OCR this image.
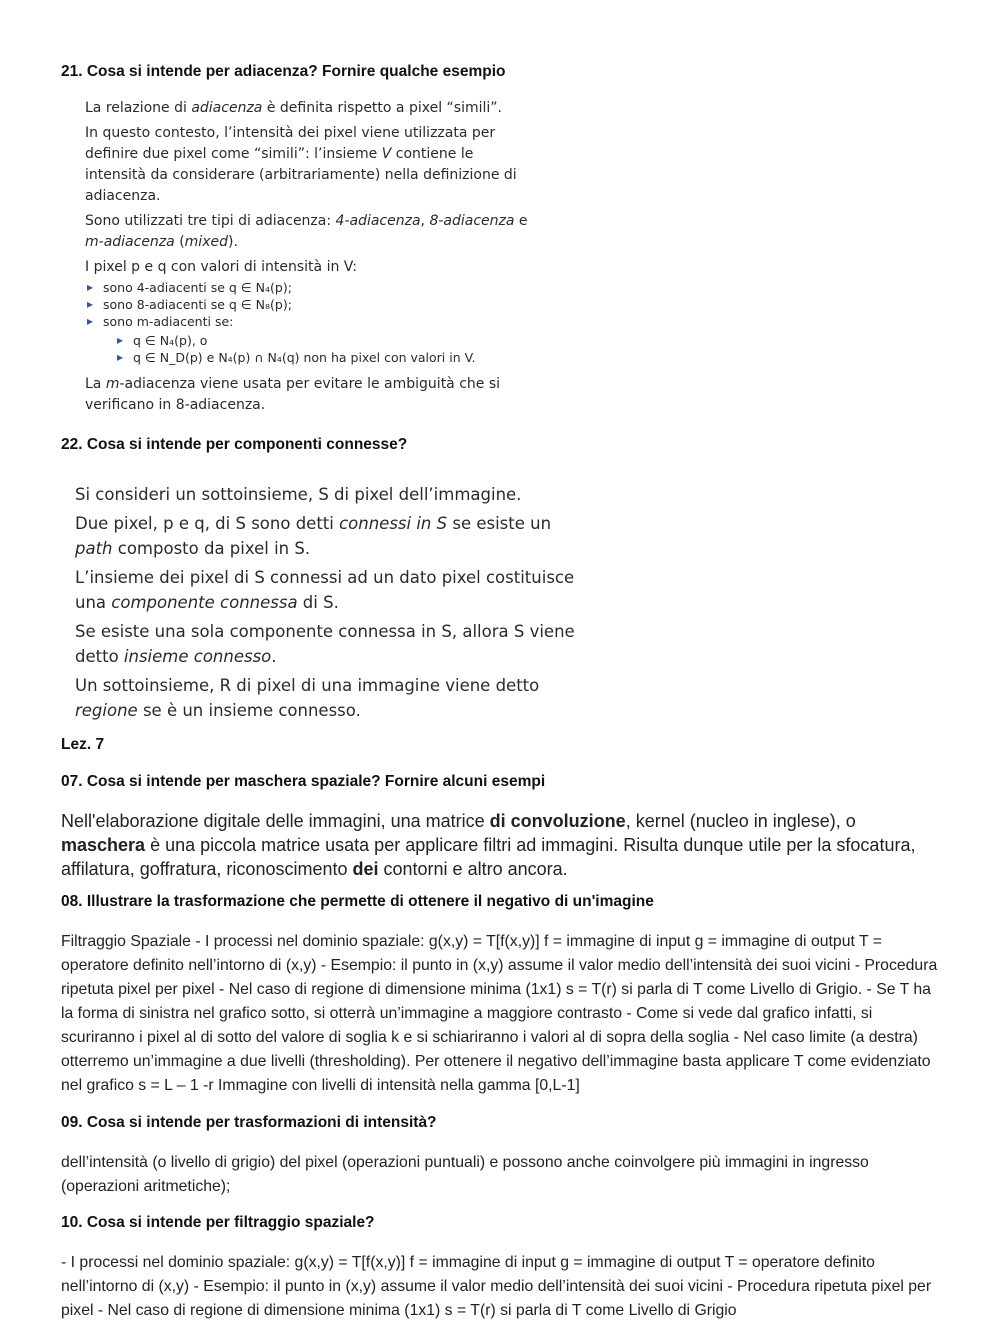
21. Cosa si intende per adiacenza? Fornire qualche esempio

La relazione di adiacenza è definita rispetto a pixel “simili”.

In questo contesto, l’intensità dei pixel viene utilizzata per definire due pixel come “simili”: l’insieme V contiene le intensità da considerare (arbitrariamente) nella definizione di adiacenza.

Sono utilizzati tre tipi di adiacenza: 4-adiacenza, 8-adiacenza e m-adiacenza (mixed).

I pixel p e q con valori di intensità in V:

▸ sono 4-adiacenti se q ∈ N₄(p);
▸ sono 8-adiacenti se q ∈ N₈(p);
▸ sono m-adiacenti se:
▸ q ∈ N₄(p), o
▸ q ∈ N_D(p) e N₄(p) ∩ N₄(q) non ha pixel con valori in V.

La m-adiacenza viene usata per evitare le ambiguità che si verificano in 8-adiacenza.

22. Cosa si intende per componenti connesse?

Si consideri un sottoinsieme, S di pixel dell’immagine.

Due pixel, p e q, di S sono detti connessi in S se esiste un path composto da pixel in S.

L’insieme dei pixel di S connessi ad un dato pixel costituisce una componente connessa di S.

Se esiste una sola componente connessa in S, allora S viene detto insieme connesso.

Un sottoinsieme, R di pixel di una immagine viene detto regione se è un insieme connesso.

Lez. 7
07. Cosa si intende per maschera spaziale? Fornire alcuni esempi
Nell'elaborazione digitale delle immagini, una matrice di convoluzione, kernel (nucleo in inglese), o maschera è una piccola matrice usata per applicare filtri ad immagini. Risulta dunque utile per la sfocatura, affilatura, goffratura, riconoscimento dei contorni e altro ancora.
08. Illustrare la trasformazione che permette di ottenere il negativo di un'imagine
Filtraggio Spaziale - I processi nel dominio spaziale: g(x,y) = T[f(x,y)] f = immagine di input g = immagine di output T = operatore definito nell’intorno di (x,y) - Esempio: il punto in (x,y) assume il valor medio dell’intensità dei suoi vicini - Procedura ripetuta pixel per pixel - Nel caso di regione di dimensione minima (1x1) s = T(r) si parla di T come Livello di Grigio. - Se T ha la forma di sinistra nel grafico sotto, si otterrà un’immagine a maggiore contrasto - Come si vede dal grafico infatti, si scuriranno i pixel al di sotto del valore di soglia k e si schiariranno i valori al di sopra della soglia - Nel caso limite (a destra) otterremo un’immagine a due livelli (thresholding). Per ottenere il negativo dell’immagine basta applicare T come evidenziato nel grafico s = L – 1 -r Immagine con livelli di intensità nella gamma [0,L-1]
09. Cosa si intende per trasformazioni di intensità?
dell’intensità (o livello di grigio) del pixel (operazioni puntuali) e possono anche coinvolgere più immagini in ingresso (operazioni aritmetiche);
10. Cosa si intende per filtraggio spaziale?
- I processi nel dominio spaziale: g(x,y) = T[f(x,y)] f = immagine di input g = immagine di output T = operatore definito nell’intorno di (x,y) - Esempio: il punto in (x,y) assume il valor medio dell’intensità dei suoi vicini - Procedura ripetuta pixel per pixel - Nel caso di regione di dimensione minima (1x1) s = T(r) si parla di T come Livello di Grigio
